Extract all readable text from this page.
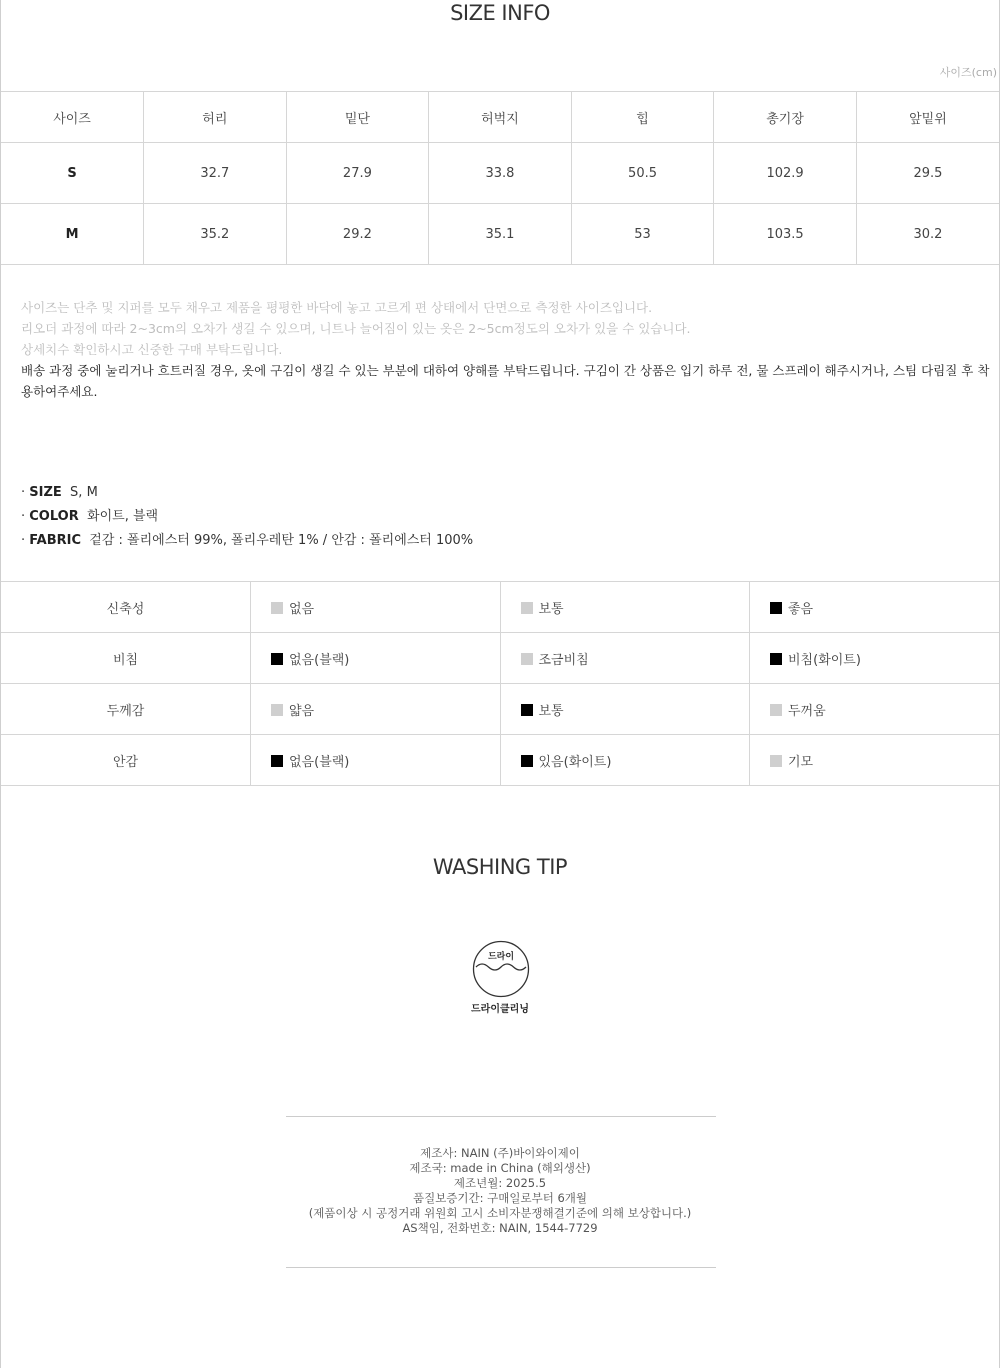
SIZE INFO
사이즈(cm)
사이즈	허리	밑단	허벅지	힙	총기장	앞밑위
S	32.7	27.9	33.8	50.5	102.9	29.5
M	35.2	29.2	35.1	53	103.5	30.2
사이즈는 단추 및 지퍼를 모두 채우고 제품을 평평한 바닥에 놓고 고르게 편 상태에서 단면으로 측정한 사이즈입니다.
리오더 과정에 따라 2~3cm의 오차가 생길 수 있으며, 니트나 늘어짐이 있는 옷은 2~5cm정도의 오차가 있을 수 있습니다.
상세치수 확인하시고 신중한 구매 부탁드립니다.
배송 과정 중에 눌리거나 흐트러질 경우, 옷에 구김이 생길 수 있는 부분에 대하여 양해를 부탁드립니다. 구김이 간 상품은 입기 하루 전, 물 스프레이 해주시거나, 스팀 다림질 후 착용하여주세요.
· SIZE S, M
· COLOR 화이트, 블랙
· FABRIC 겉감 : 폴리에스터 99%, 폴리우레탄 1% / 안감 : 폴리에스터 100%
신축성	없음	보통	좋음
비침	없음(블랙)	조금비침	비침(화이트)
두께감	얇음	보통	두꺼움
안감	없음(블랙)	있음(화이트)	기모
WASHING TIP
드라이
드라이클리닝
제조사: NAIN (주)바이와이제이
제조국: made in China (해외생산)
제조년월: 2025.5
품질보증기간: 구매일로부터 6개월
(제품이상 시 공정거래 위원회 고시 소비자분쟁해결기준에 의해 보상합니다.)
AS책임, 전화번호: NAIN, 1544-7729
